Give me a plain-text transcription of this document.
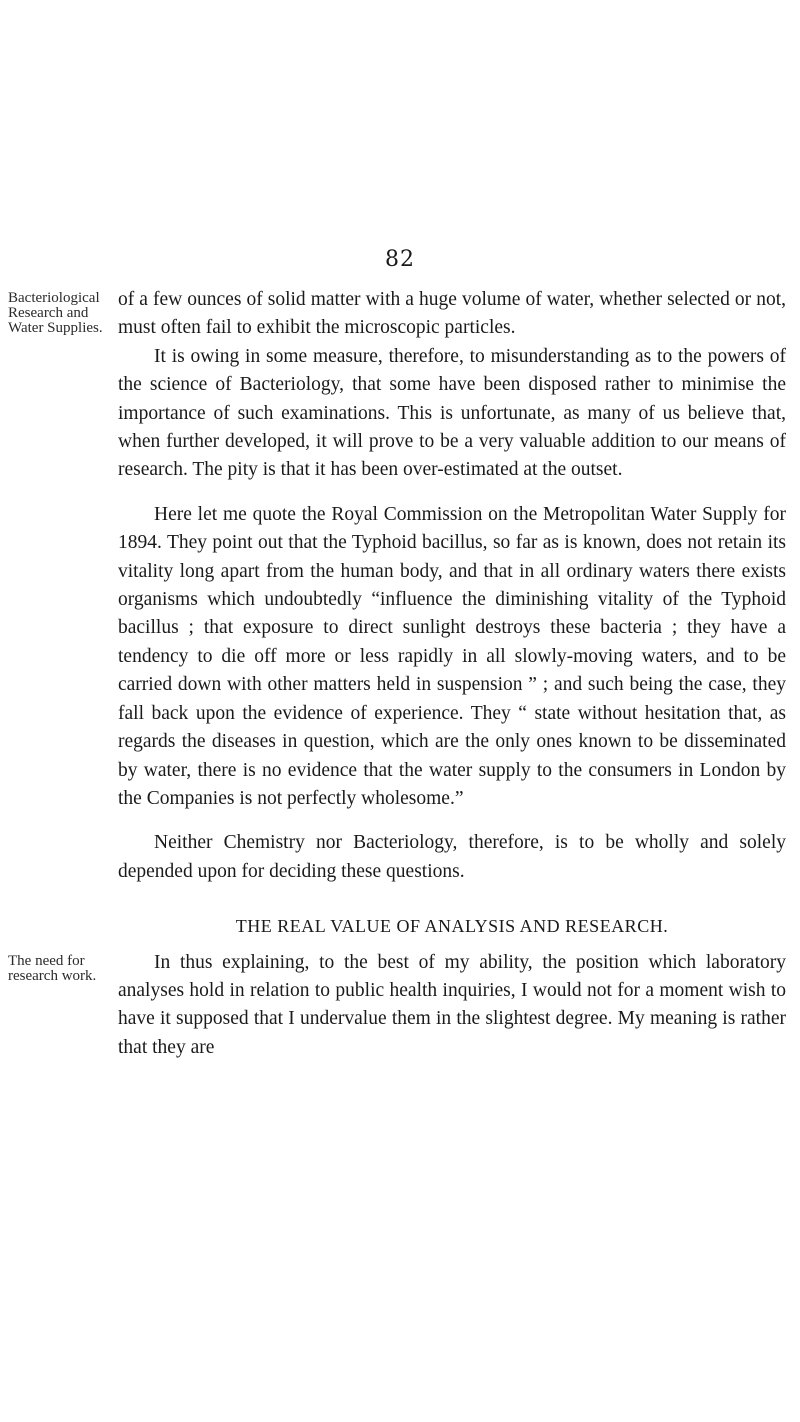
82
Bacteriological Research and Water Supplies.
The need for research work.

of a few ounces of solid matter with a huge volume of water, whether selected or not, must often fail to exhibit the microscopic particles.

It is owing in some measure, therefore, to misunderstanding as to the powers of the science of Bacteriology, that some have been disposed rather to minimise the importance of such examinations. This is unfortunate, as many of us believe that, when further developed, it will prove to be a very valuable addition to our means of research. The pity is that it has been over-estimated at the outset.

Here let me quote the Royal Commission on the Metropolitan Water Supply for 1894. They point out that the Typhoid bacillus, so far as is known, does not retain its vitality long apart from the human body, and that in all ordinary waters there exists organisms which undoubtedly “influence the diminishing vitality of the Typhoid bacillus ; that exposure to direct sunlight destroys these bacteria ; they have a tendency to die off more or less rapidly in all slowly-moving waters, and to be carried down with other matters held in suspension ” ; and such being the case, they fall back upon the evidence of experience. They “ state without hesitation that, as regards the diseases in question, which are the only ones known to be disseminated by water, there is no evidence that the water supply to the consumers in London by the Companies is not perfectly wholesome.”

Neither Chemistry nor Bacteriology, therefore, is to be wholly and solely depended upon for deciding these questions.

THE REAL VALUE OF ANALYSIS AND RESEARCH.

In thus explaining, to the best of my ability, the position which laboratory analyses hold in relation to public health inquiries, I would not for a moment wish to have it supposed that I undervalue them in the slightest degree. My meaning is rather that they are
